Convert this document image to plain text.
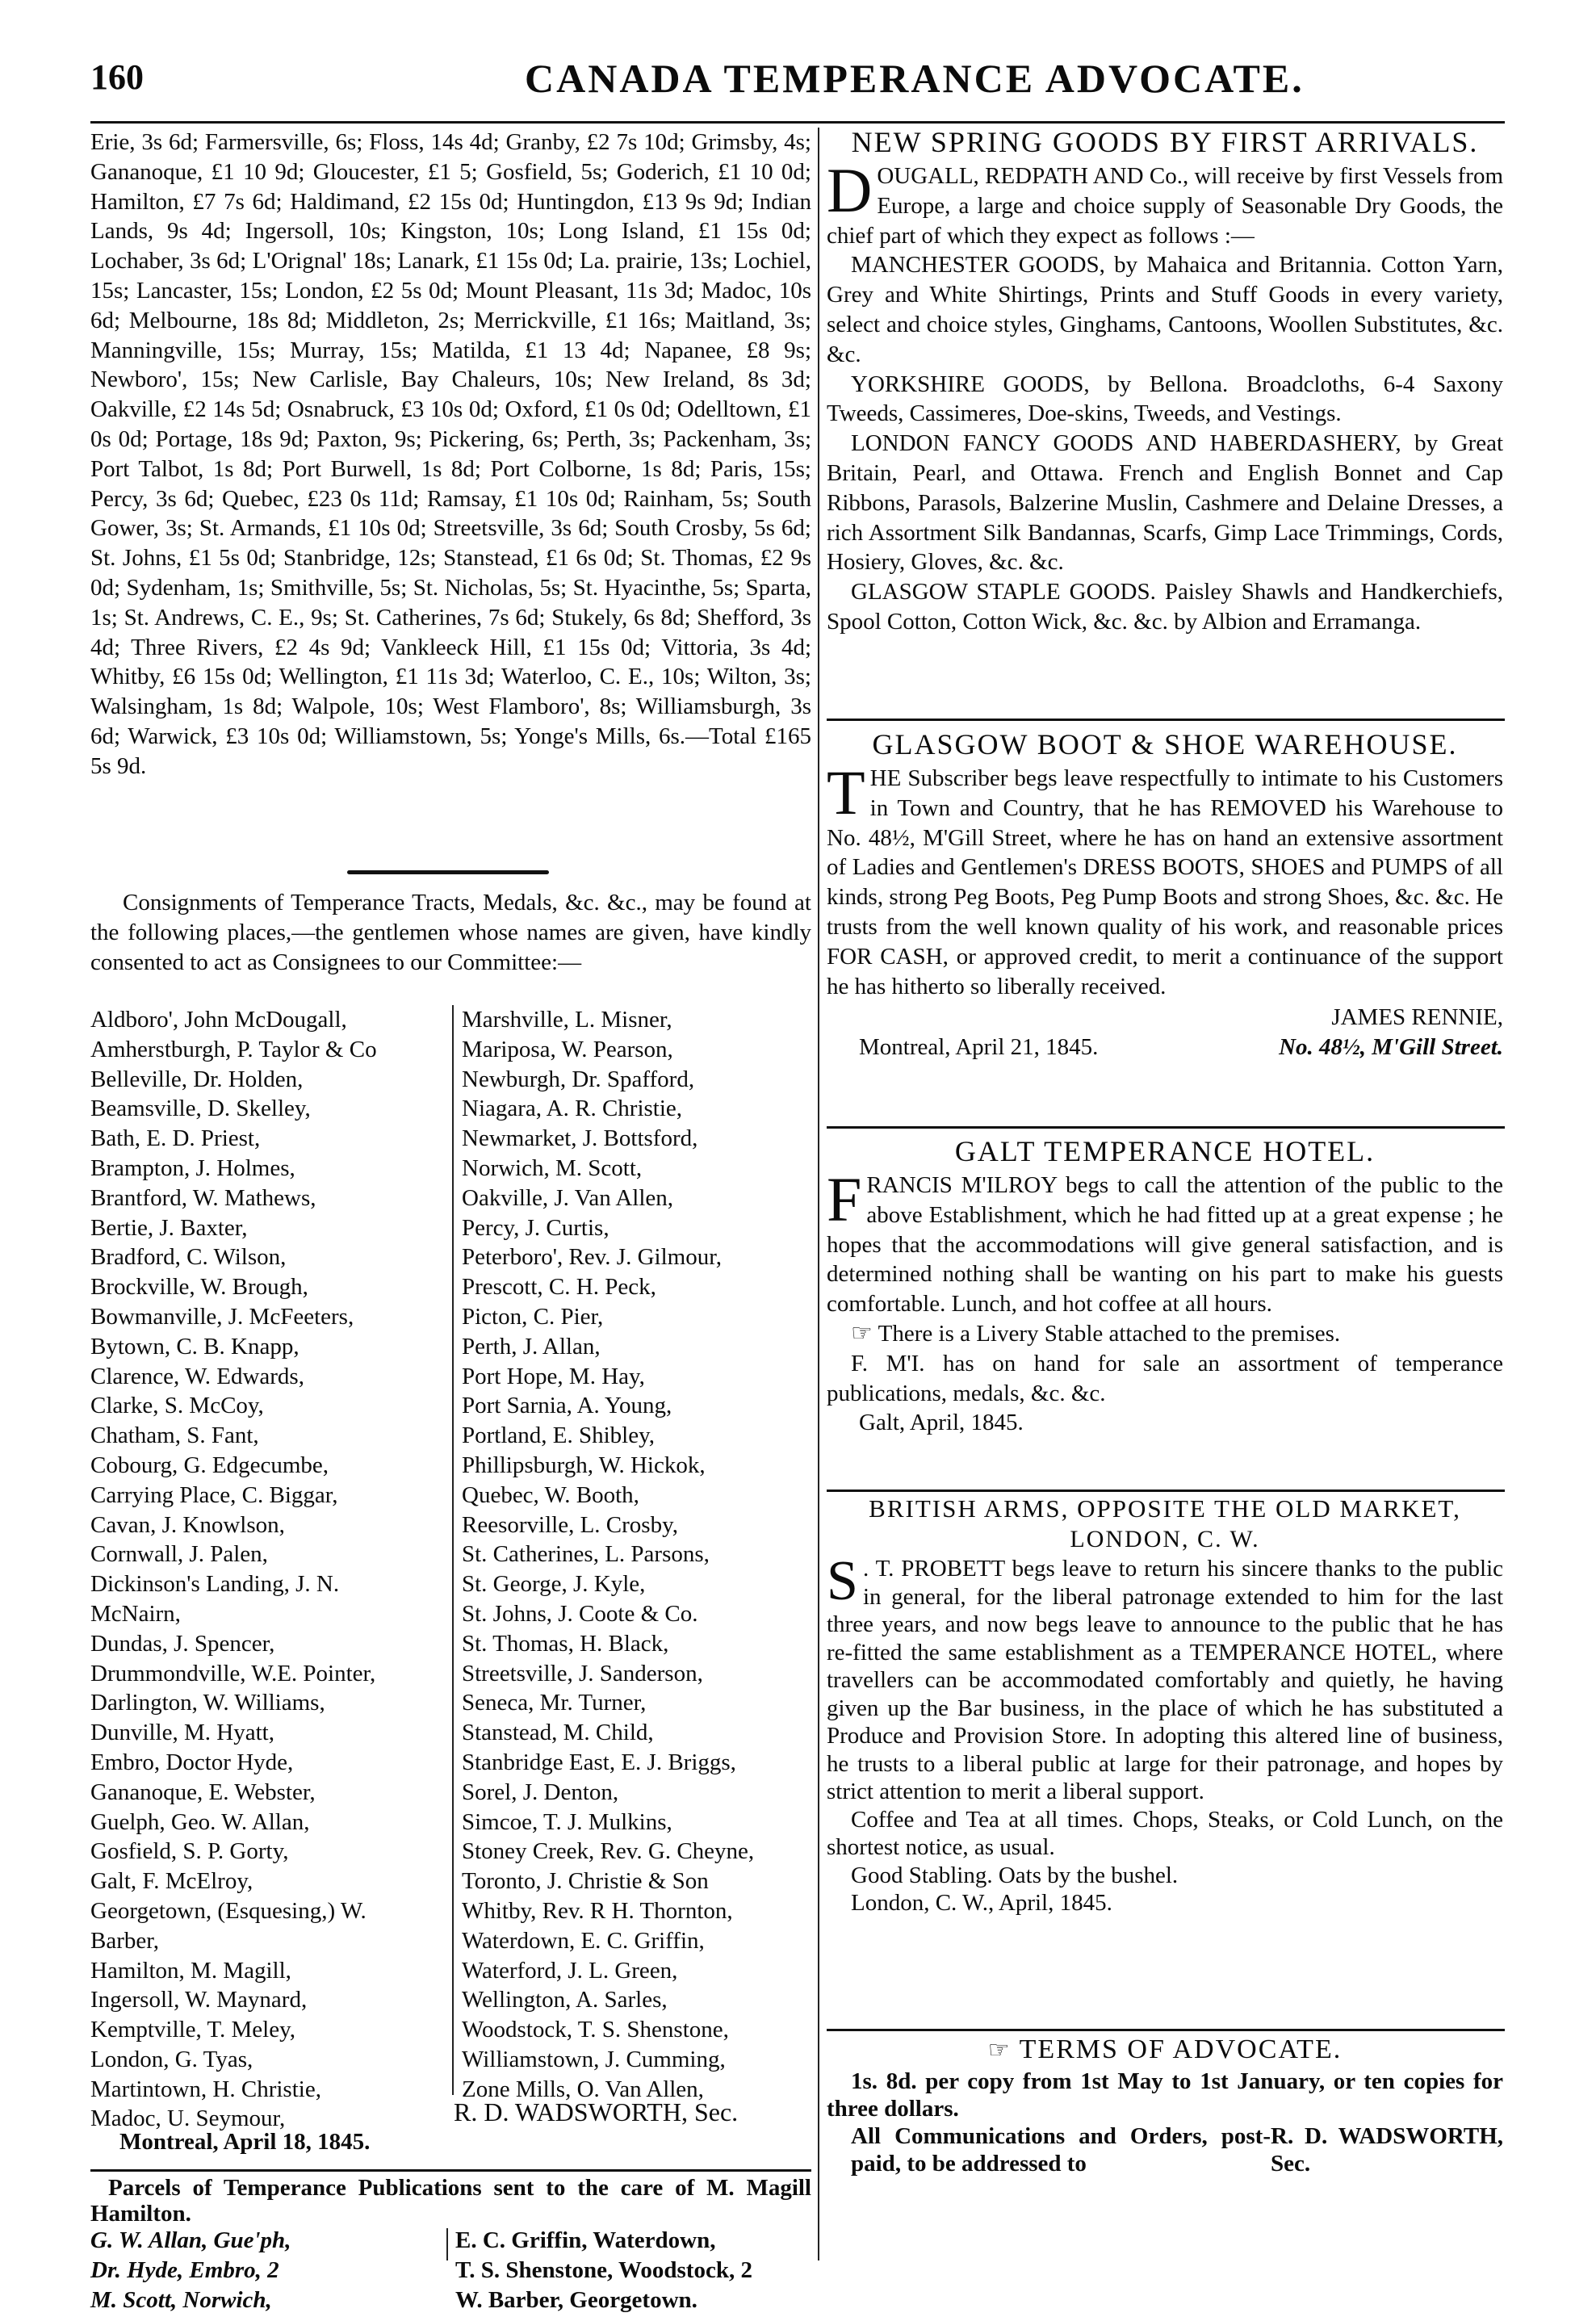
160	CANADA TEMPERANCE ADVOCATE.

Erie, 3s 6d; Farmersville, 6s; Floss, 14s 4d; Granby, £2 7s 10d; Grimsby, 4s; Gananoque, £1 10 9d; Gloucester, £1 5; Gosfield, 5s; Goderich, £1 10 0d; Hamilton, £7 7s 6d; Haldimand, £2 15s 0d; Huntingdon, £13 9s 9d; Indian Lands, 9s 4d; Ingersoll, 10s; Kingston, 10s; Long Island, £1 15s 0d; Lochaber, 3s 6d; L'Orignal' 18s; Lanark, £1 15s 0d; La. prairie, 13s; Lochiel, 15s; Lancaster, 15s; London, £2 5s 0d; Mount Pleasant, 11s 3d; Madoc, 10s 6d; Melbourne, 18s 8d; Middleton, 2s; Merrickville, £1 16s; Maitland, 3s; Manningville, 15s; Murray, 15s; Matilda, £1 13 4d; Napanee, £8 9s; Newboro', 15s; New Carlisle, Bay Chaleurs, 10s; New Ireland, 8s 3d; Oakville, £2 14s 5d; Osnabruck, £3 10s 0d; Oxford, £1 0s 0d; Odelltown, £1 0s 0d; Portage, 18s 9d; Paxton, 9s; Pickering, 6s; Perth, 3s; Packenham, 3s; Port Talbot, 1s 8d; Port Burwell, 1s 8d; Port Colborne, 1s 8d; Paris, 15s; Percy, 3s 6d; Quebec, £23 0s 11d; Ramsay, £1 10s 0d; Rainham, 5s; South Gower, 3s; St. Armands, £1 10s 0d; Streetsville, 3s 6d; South Crosby, 5s 6d; St. Johns, £1 5s 0d; Stanbridge, 12s; Stanstead, £1 6s 0d; St. Thomas, £2 9s 0d; Sydenham, 1s; Smithville, 5s; St. Nicholas, 5s; St. Hyacinthe, 5s; Sparta, 1s; St. Andrews, C. E., 9s; St. Catherines, 7s 6d; Stukely, 6s 8d; Shefford, 3s 4d; Three Rivers, £2 4s 9d; Vankleeck Hill, £1 15s 0d; Vittoria, 3s 4d; Whitby, £6 15s 0d; Wellington, £1 11s 3d; Waterloo, C. E., 10s; Wilton, 3s; Walsingham, 1s 8d; Walpole, 10s; West Flamboro', 8s; Williamsburgh, 3s 6d; Warwick, £3 10s 0d; Williamstown, 5s; Yonge's Mills, 6s.—Total £165 5s 9d.

Consignments of Temperance Tracts, Medals, &c. &c., may be found at the following places,—the gentlemen whose names are given, have kindly consented to act as Consignees to our Committee:—

Aldboro', John McDougall,
Amherstburgh, P. Taylor & Co
Belleville, Dr. Holden,
Beamsville, D. Skelley,
Bath, E. D. Priest,
Brampton, J. Holmes,
Brantford, W. Mathews,
Bertie, J. Baxter,
Bradford, C. Wilson,
Brockville, W. Brough,
Bowmanville, J. McFeeters,
Bytown, C. B. Knapp,
Clarence, W. Edwards,
Clarke, S. McCoy,
Chatham, S. Fant,
Cobourg, G. Edgecumbe,
Carrying Place, C. Biggar,
Cavan, J. Knowlson,
Cornwall, J. Palen,
Dickinson's Landing, J. N.
McNairn,
Dundas, J. Spencer,
Drummondville, W.E. Pointer,
Darlington, W. Williams,
Dunville, M. Hyatt,
Embro, Doctor Hyde,
Gananoque, E. Webster,
Guelph, Geo. W. Allan,
Gosfield, S. P. Gorty,
Galt, F. McElroy,
Georgetown, (Esquesing,) W.
Barber,
Hamilton, M. Magill,
Ingersoll, W. Maynard,
Kemptville, T. Meley,
London, G. Tyas,
Martintown, H. Christie,
Madoc, U. Seymour,
Marshville, L. Misner,
Mariposa, W. Pearson,
Newburgh, Dr. Spafford,
Niagara, A. R. Christie,
Newmarket, J. Bottsford,
Norwich, M. Scott,
Oakville, J. Van Allen,
Percy, J. Curtis,
Peterboro', Rev. J. Gilmour,
Prescott, C. H. Peck,
Picton, C. Pier,
Perth, J. Allan,
Port Hope, M. Hay,
Port Sarnia, A. Young,
Portland, E. Shibley,
Phillipsburgh, W. Hickok,
Quebec, W. Booth,
Reesorville, L. Crosby,
St. Catherines, L. Parsons,
St. George, J. Kyle,
St. Johns, J. Coote & Co.
St. Thomas, H. Black,
Streetsville, J. Sanderson,
Seneca, Mr. Turner,
Stanstead, M. Child,
Stanbridge East, E. J. Briggs,
Sorel, J. Denton,
Simcoe, T. J. Mulkins,
Stoney Creek, Rev. G. Cheyne,
Toronto, J. Christie & Son
Whitby, Rev. R H. Thornton,
Waterdown, E. C. Griffin,
Waterford, J. L. Green,
Wellington, A. Sarles,
Woodstock, T. S. Shenstone,
Williamstown, J. Cumming,
Zone Mills, O. Van Allen,
R. D. WADSWORTH, Sec.
Montreal, April 18, 1845.

Parcels of Temperance Publications sent to the care of M. Magill Hamilton.

G. W. Allan, Gue'ph,
Dr. Hyde, Embro, 2
M. Scott, Norwich,
E. C. Griffin, Waterdown,
T. S. Shenstone, Woodstock, 2
W. Barber, Georgetown.

NEW SPRING GOODS BY FIRST ARRIVALS.

DOUGALL, REDPATH AND Co., will receive by first Vessels from Europe, a large and choice supply of Seasonable Dry Goods, the chief part of which they expect as follows :—

MANCHESTER GOODS, by Mahaica and Britannia. Cotton Yarn, Grey and White Shirtings, Prints and Stuff Goods in every variety, select and choice styles, Ginghams, Cantoons, Woollen Substitutes, &c. &c.

YORKSHIRE GOODS, by Bellona. Broadcloths, 6-4 Saxony Tweeds, Cassimeres, Doe-skins, Tweeds, and Vestings.

LONDON FANCY GOODS AND HABERDASHERY, by Great Britain, Pearl, and Ottawa. French and English Bonnet and Cap Ribbons, Parasols, Balzerine Muslin, Cashmere and Delaine Dresses, a rich Assortment Silk Bandannas, Scarfs, Gimp Lace Trimmings, Cords, Hosiery, Gloves, &c. &c.

GLASGOW STAPLE GOODS. Paisley Shawls and Handkerchiefs, Spool Cotton, Cotton Wick, &c. &c. by Albion and Erramanga.

GLASGOW BOOT & SHOE WAREHOUSE.

THE Subscriber begs leave respectfully to intimate to his Customers in Town and Country, that he has REMOVED his Warehouse to No. 48½, M'Gill Street, where he has on hand an extensive assortment of Ladies and Gentlemen's DRESS BOOTS, SHOES and PUMPS of all kinds, strong Peg Boots, Peg Pump Boots and strong Shoes, &c. &c. He trusts from the well known quality of his work, and reasonable prices FOR CASH, or approved credit, to merit a continuance of the support he has hitherto so liberally received.

JAMES RENNIE,

Montreal, April 21, 1845.	No. 48½, M'Gill Street.

GALT TEMPERANCE HOTEL.

FRANCIS M'ILROY begs to call the attention of the public to the above Establishment, which he had fitted up at a great expense ; he hopes that the accommodations will give general satisfaction, and is determined nothing shall be wanting on his part to make his guests comfortable. Lunch, and hot coffee at all hours.

☞ There is a Livery Stable attached to the premises.

F. M'I. has on hand for sale an assortment of temperance publications, medals, &c. &c.

Galt, April, 1845.

BRITISH ARMS, OPPOSITE THE OLD MARKET,

LONDON, C. W.

S . T. PROBETT begs leave to return his sincere thanks to the public in general, for the liberal patronage extended to him for the last three years, and now begs leave to announce to the public that he has re-fitted the same establishment as a TEMPERANCE HOTEL, where travellers can be accommodated comfortably and quietly, he having given up the Bar business, in the place of which he has substituted a Produce and Provision Store. In adopting this altered line of business, he trusts to a liberal public at large for their patronage, and hopes by strict attention to merit a liberal support.

Coffee and Tea at all times. Chops, Steaks, or Cold Lunch, on the shortest notice, as usual.

Good Stabling. Oats by the bushel.

London, C. W., April, 1845.

☞ TERMS OF ADVOCATE.

1s. 8d. per copy from 1st May to 1st January, or ten copies for three dollars.

All Communications and Orders, post-paid, to be addressed to
R. D. WADSWORTH, Sec.
